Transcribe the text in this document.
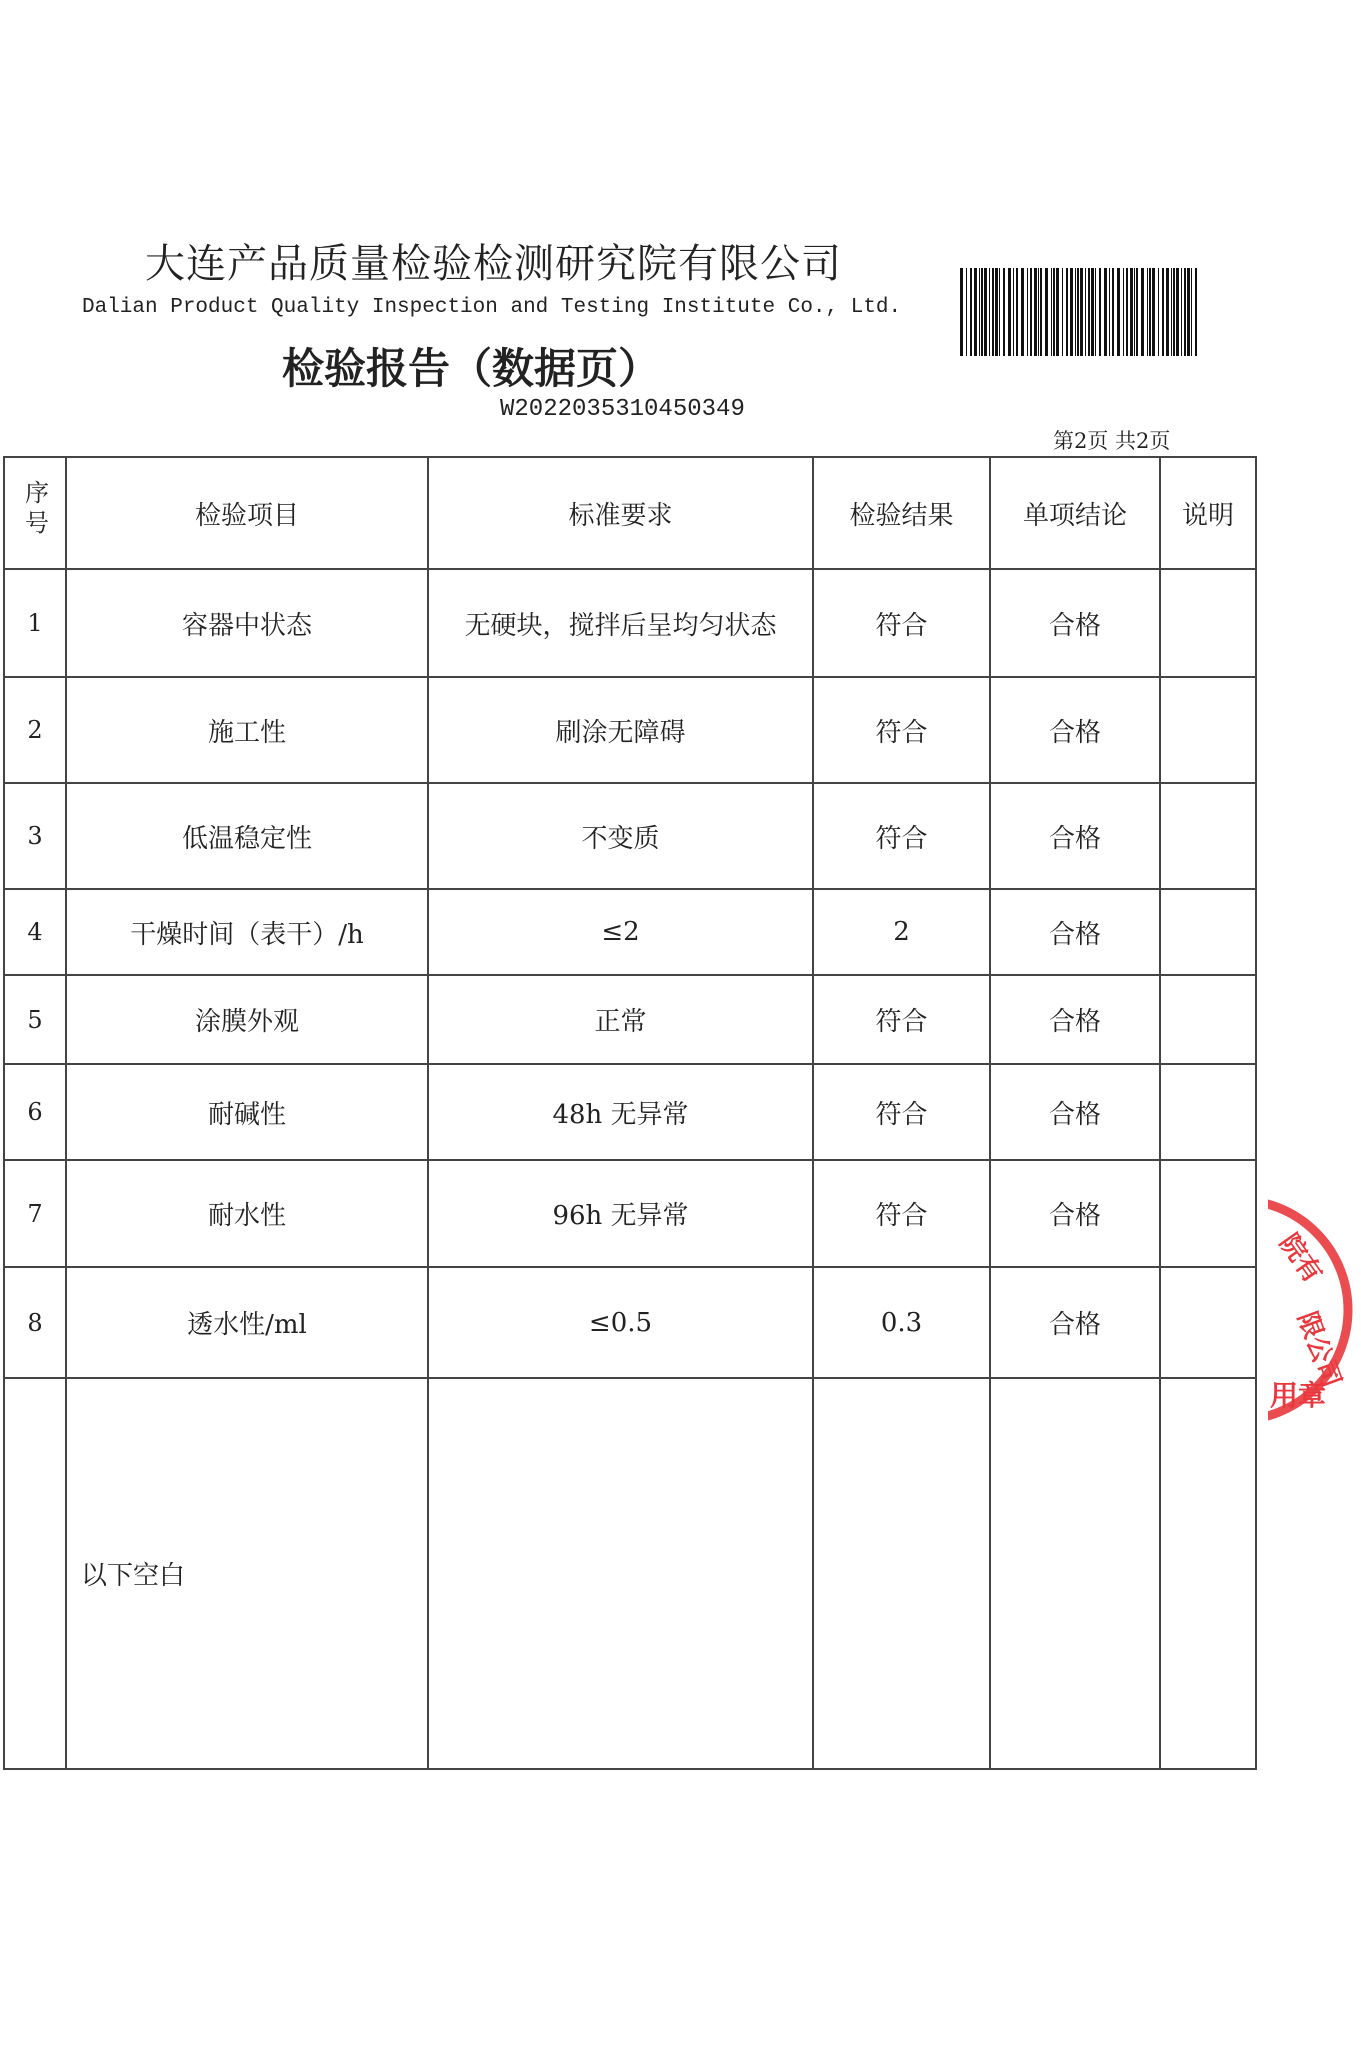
大连产品质量检验检测研究院有限公司
Dalian Product Quality Inspection and Testing Institute Co., Ltd.
检验报告（数据页）
W2022035310450349
第2页 共2页
序号	检验项目	标准要求	检验结果	单项结论	说明
1	容器中状态	无硬块，搅拌后呈均匀状态	符合	合格	
2	施工性	刷涂无障碍	符合	合格	
3	低温稳定性	不变质	符合	合格	
4	干燥时间（表干）/h	≤2	2	合格	
5	涂膜外观	正常	符合	合格	
6	耐碱性	48h 无异常	符合	合格	
7	耐水性	96h 无异常	符合	合格	
8	透水性/ml	≤0.5	0.3	合格	
	以下空白				
院有
限公司
用章
